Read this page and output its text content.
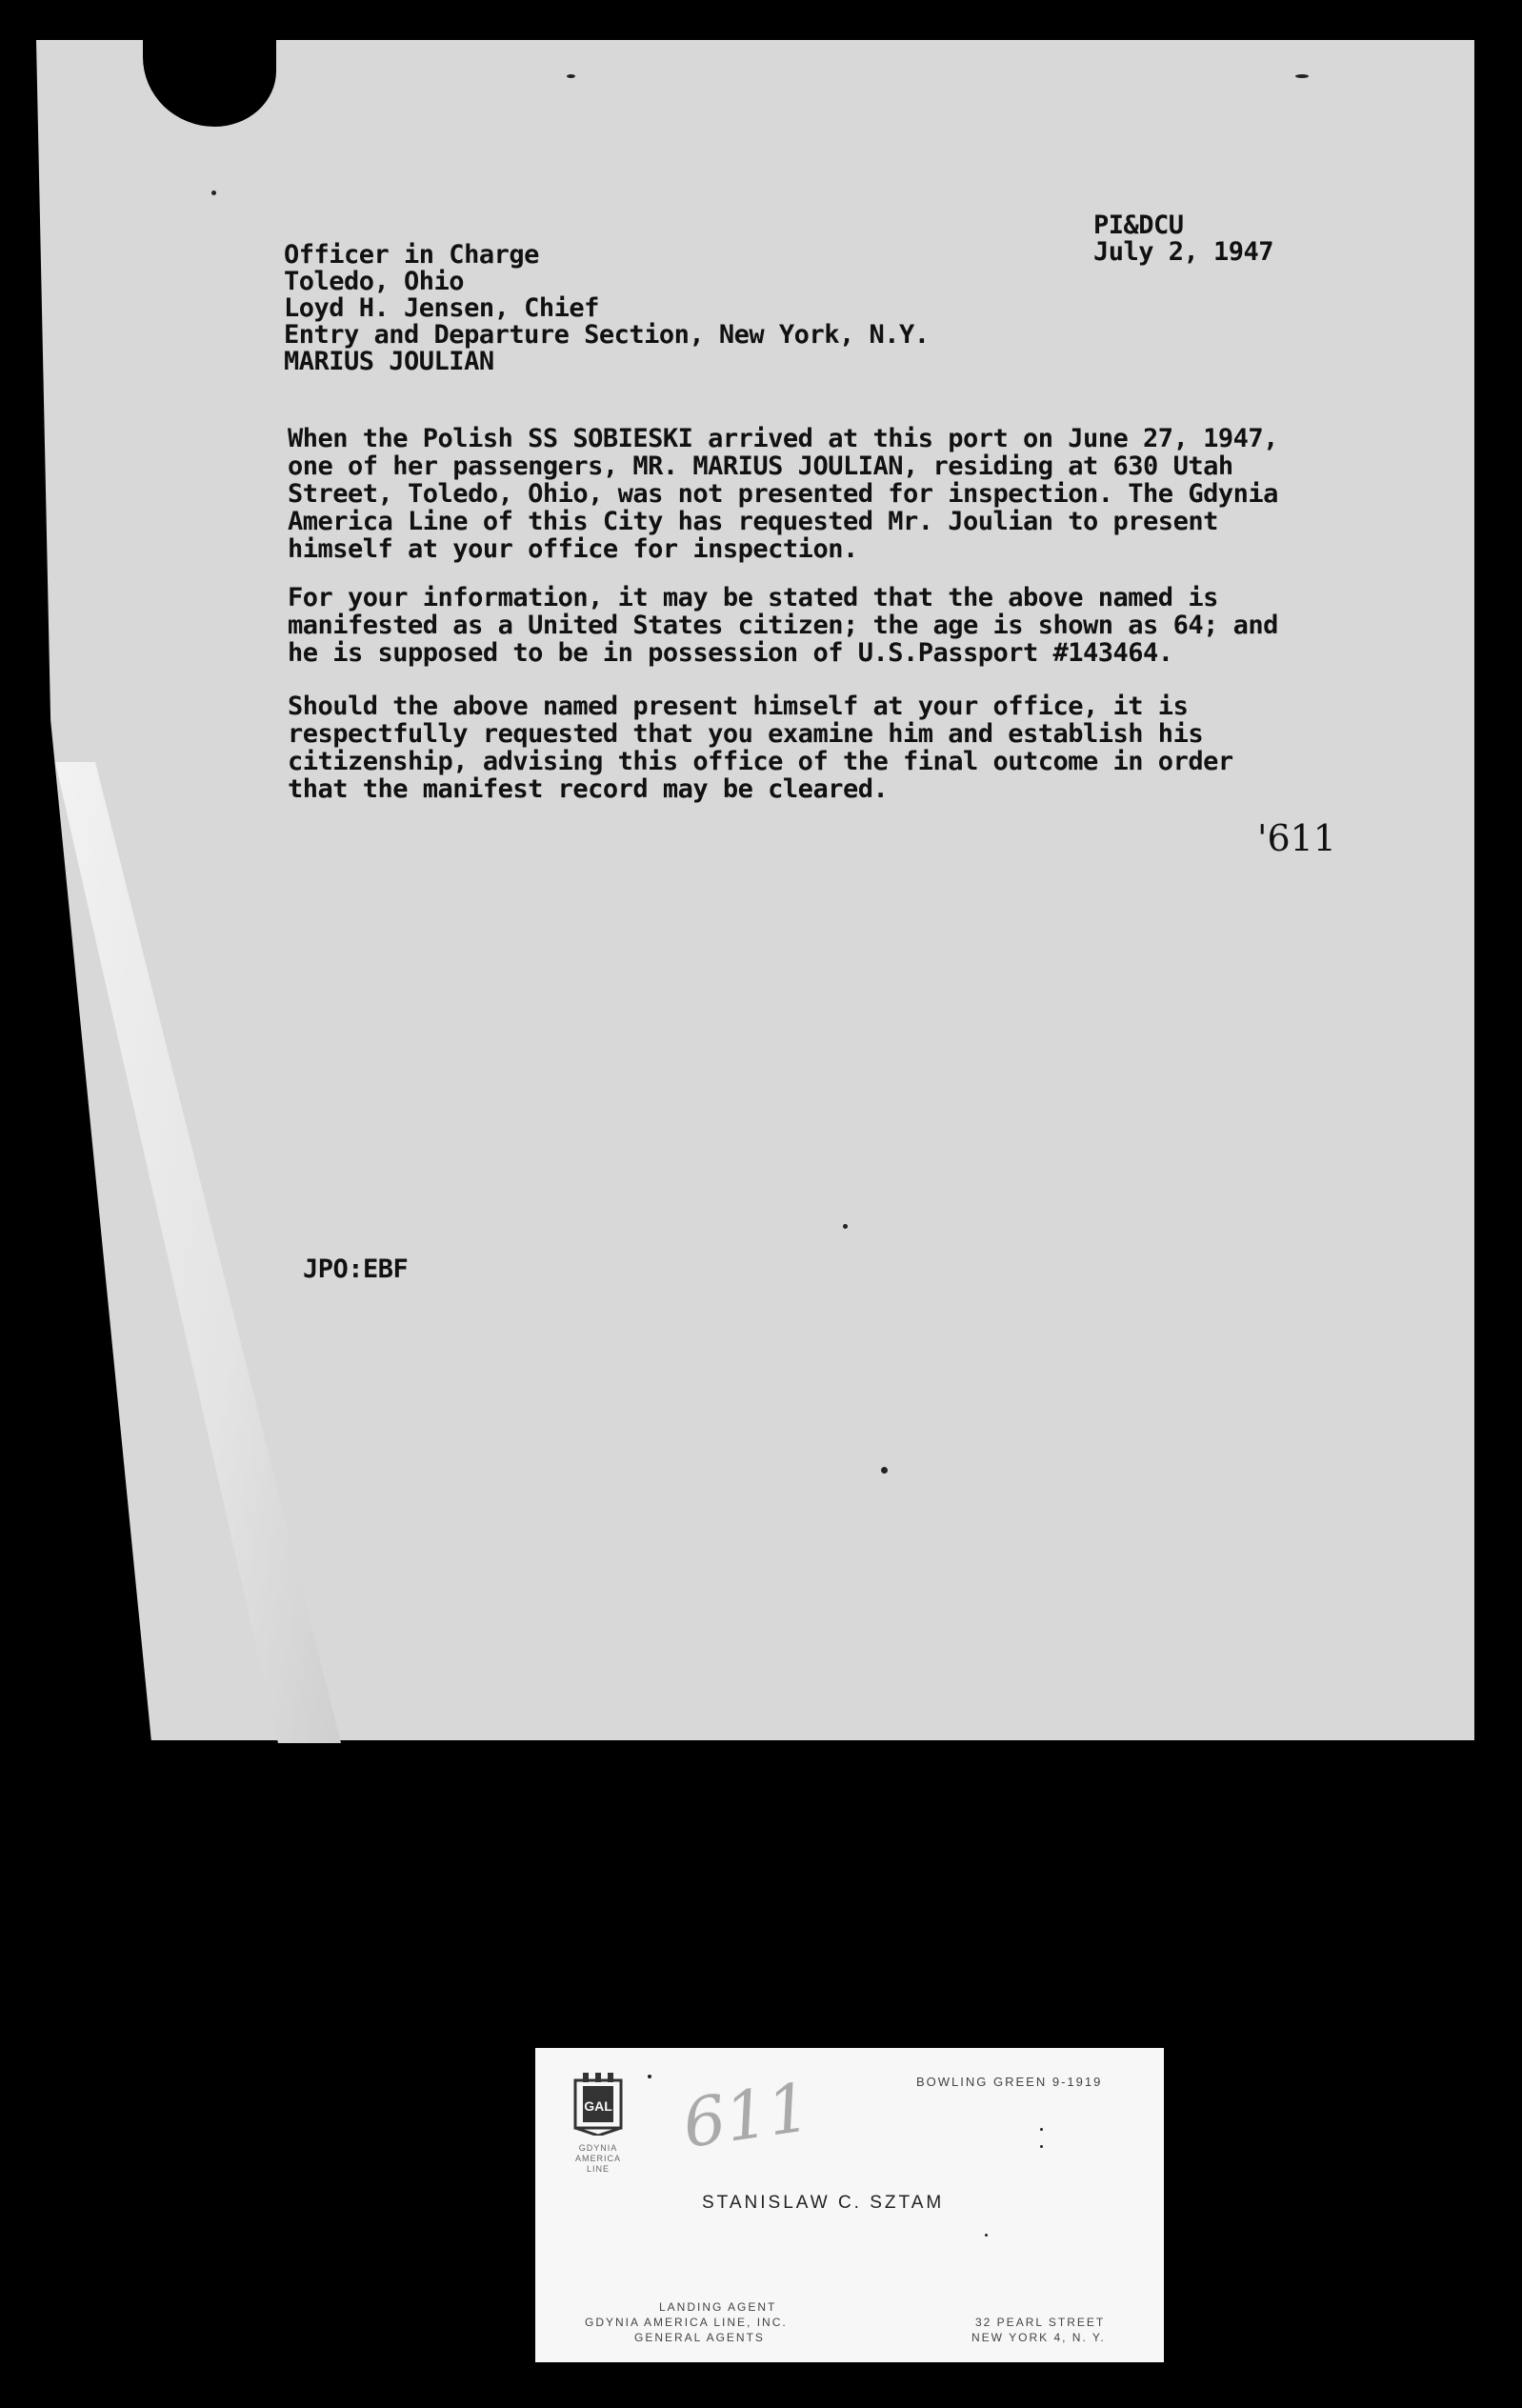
PI&DCU
July 2, 1947
Officer in Charge
Toledo, Ohio
Loyd H. Jensen, Chief
Entry and Departure Section, New York, N.Y.
MARIUS JOULIAN
When the Polish SS SOBIESKI arrived at this port on June 27, 1947, one of her passengers, MR. MARIUS JOULIAN, residing at 630 Utah Street, Toledo, Ohio, was not presented for inspection. The Gdynia America Line of this City has requested Mr. Joulian to present himself at your office for inspection.
For your information, it may be stated that the above named is manifested as a United States citizen; the age is shown as 64; and he is supposed to be in possession of U.S.Passport #143464.
Should the above named present himself at your office, it is respectfully requested that you examine him and establish his citizenship, advising this office of the final outcome in order that the manifest record may be cleared.
'611
JPO:EBF
GAL
GDYNIA AMERICA LINE
611	BOWLING GREEN 9-1919
STANISLAW C. SZTAM
LANDING AGENT
GDYNIA AMERICA LINE, INC.
GENERAL AGENTS
32 PEARL STREET
NEW YORK 4, N. Y.
